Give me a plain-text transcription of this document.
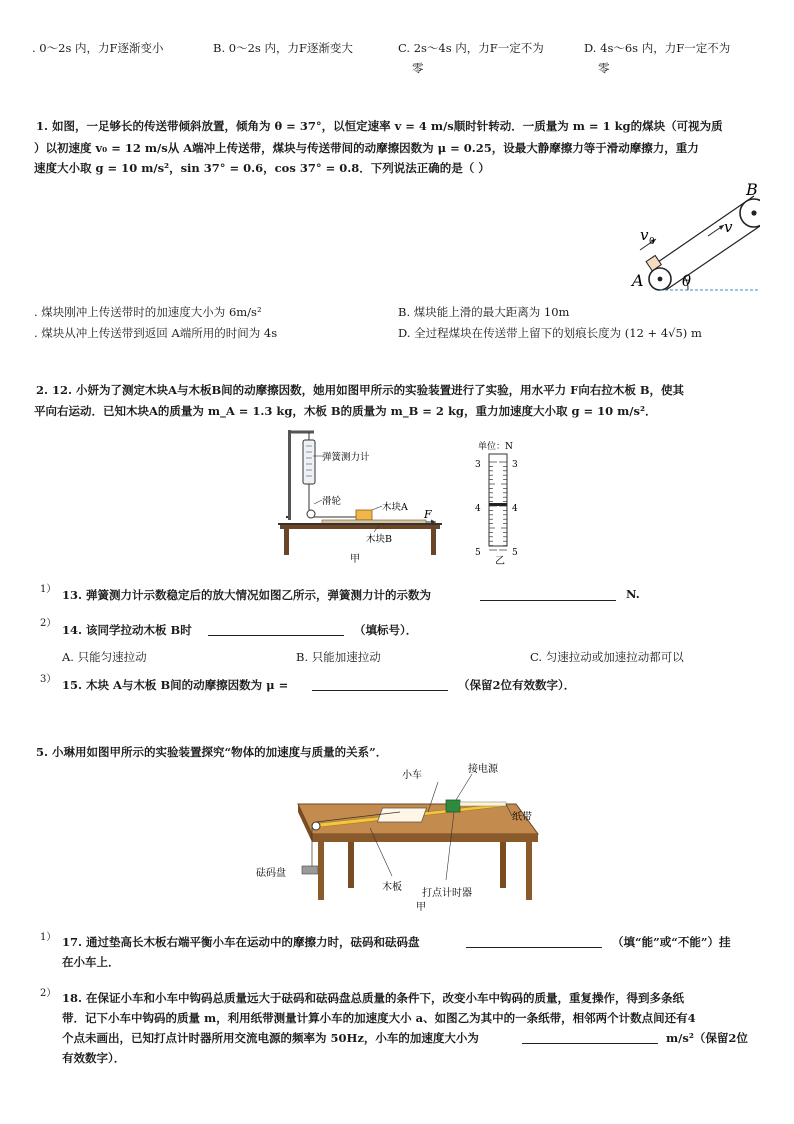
. 0～2s 内，力F逐渐变小	B. 0～2s 内，力F逐渐变大	C. 2s～4s 内，力F一定不为
零
D. 4s～6s 内，力F一定不为
零
1. 如图，一足够长的传送带倾斜放置，倾角为 θ = 37°，以恒定速率 v = 4 m/s顺时针转动．一质量为 m = 1 kg的煤块（可视为质
）以初速度 v₀ = 12 m/s从 A端冲上传送带，煤块与传送带间的动摩擦因数为 μ = 0.25，设最大静摩擦力等于滑动摩擦力，重力
速度大小取 g = 10 m/s²，sin 37° = 0.6，cos 37° = 0.8．下列说法正确的是（ ）
B
A
v 0
v
θ
. 煤块刚冲上传送带时的加速度大小为 6m/s²	B. 煤块能上滑的最大距离为 10m
. 煤块从冲上传送带到返回 A端所用的时间为 4s	D. 全过程煤块在传送带上留下的划痕长度为 (12 + 4√5) m
2. 12. 小妍为了测定木块A与木板B间的动摩擦因数，她用如图甲所示的实验装置进行了实验，用水平力 F向右拉木板 B，使其
平向右运动．已知木块A的质量为 m_A = 1.3 kg，木板 B的质量为 m_B = 2 kg，重力加速度大小取 g = 10 m/s²．
弹簧测力计
滑轮
木块A
F
木块B
甲
单位：N
3	3
4	4
5	5
乙
1） 13. 弹簧测力计示数稳定后的放大情况如图乙所示，弹簧测力计的示数为	N.
2） 14. 该同学拉动木板 B时	（填标号）．
A. 只能匀速拉动	B. 只能加速拉动	C. 匀速拉动或加速拉动都可以
3） 15. 木块 A与木板 B间的动摩擦因数为 μ =	（保留2位有效数字）．
5. 小琳用如图甲所示的实验装置探究“物体的加速度与质量的关系”．
小车
接电源
纸带
砝码盘
木板
打点计时器
甲
1） 17. 通过垫高长木板右端平衡小车在运动中的摩擦力时，砝码和砝码盘	（填“能”或“不能”）挂
在小车上．
2） 18. 在保证小车和小车中钩码总质量远大于砝码和砝码盘总质量的条件下，改变小车中钩码的质量，重复操作，得到多条纸
带．记下小车中钩码的质量 m，利用纸带测量计算小车的加速度大小 a、如图乙为其中的一条纸带，相邻两个计数点间还有4
个点未画出，已知打点计时器所用交流电源的频率为 50Hz，小车的加速度大小为	m/s²（保留2位
有效数字）．
